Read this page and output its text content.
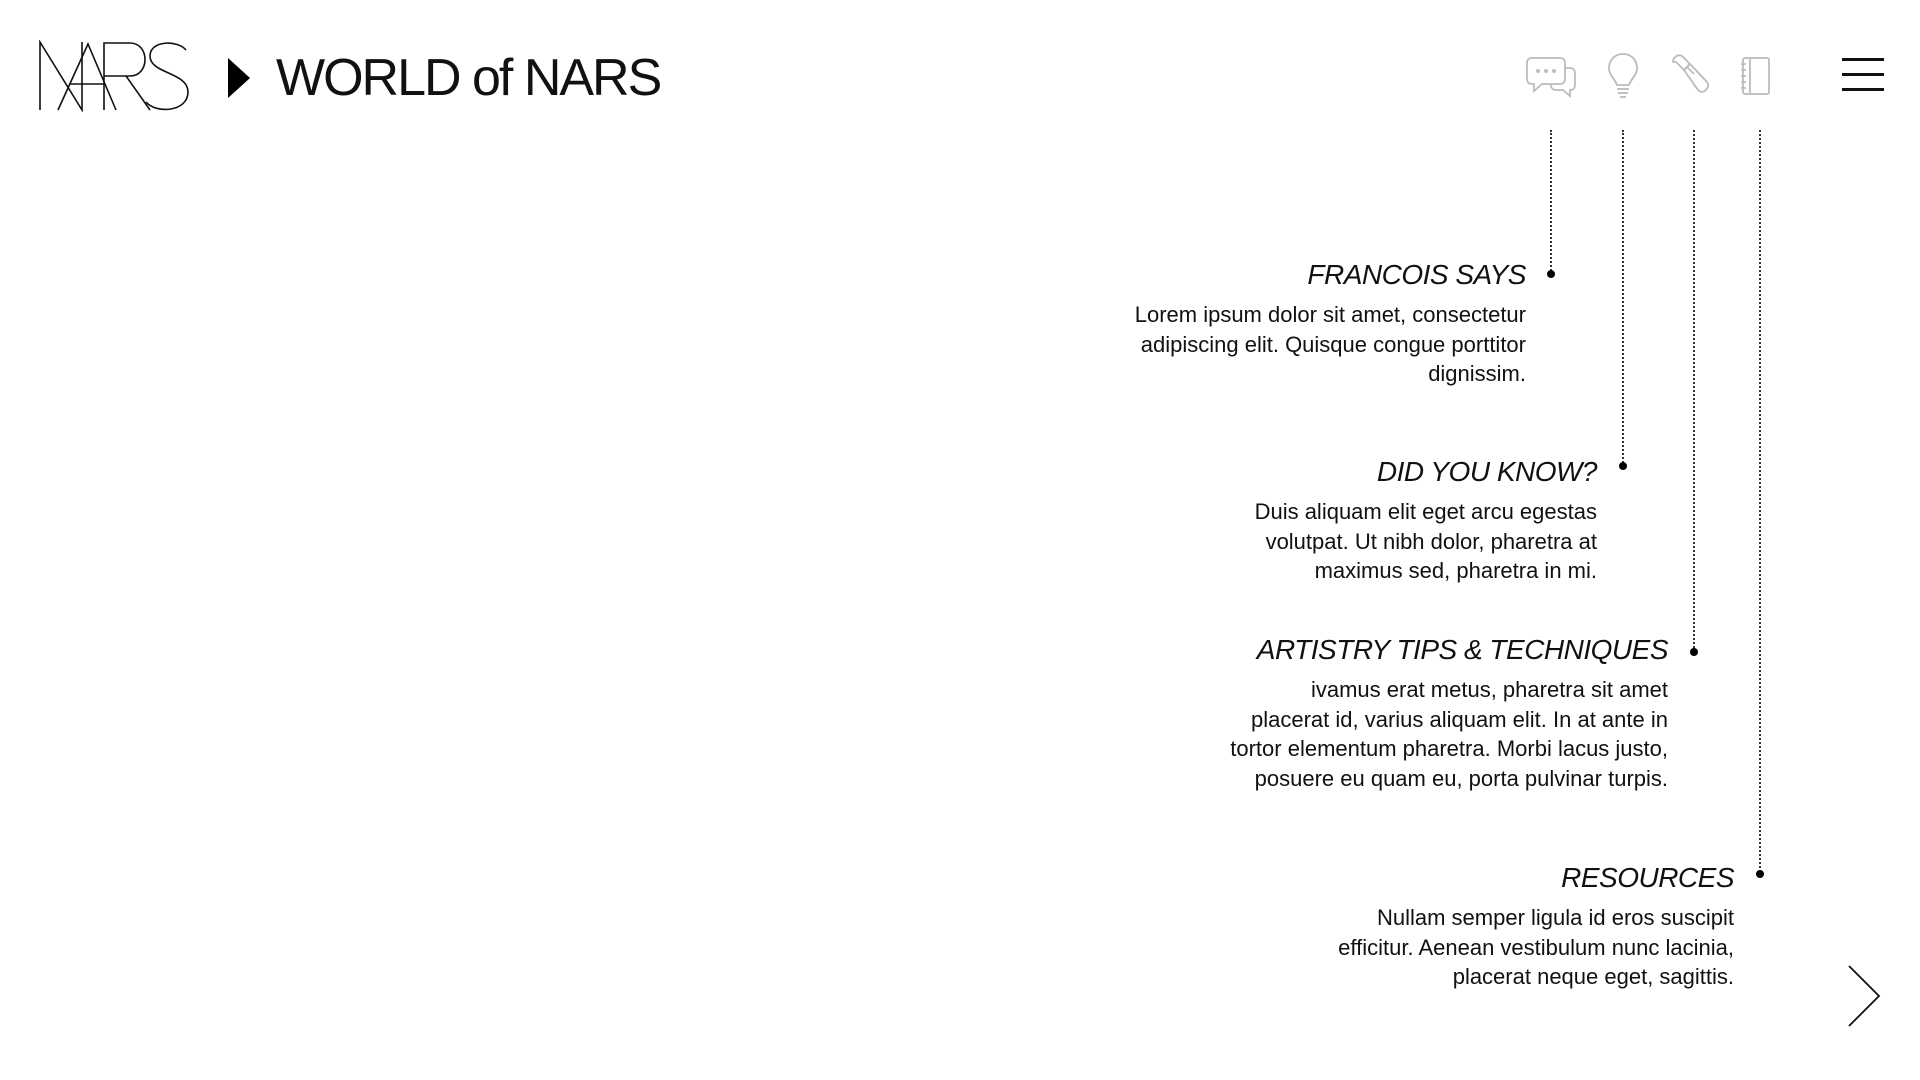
WORLD of NARS
FRANCOIS SAYS

Lorem ipsum dolor sit amet, consectetur adipiscing elit. Quisque congue porttitor dignissim.

DID YOU KNOW?

Duis aliquam elit eget arcu egestas volutpat. Ut nibh dolor, pharetra at maximus sed, pharetra in mi.

ARTISTRY TIPS & TECHNIQUES

ivamus erat metus, pharetra sit amet placerat id, varius aliquam elit. In at ante in tortor elementum pharetra. Morbi lacus justo, posuere eu quam eu, porta pulvinar turpis.

RESOURCES

Nullam semper ligula id eros suscipit efficitur. Aenean vestibulum nunc lacinia, placerat neque eget, sagittis.
